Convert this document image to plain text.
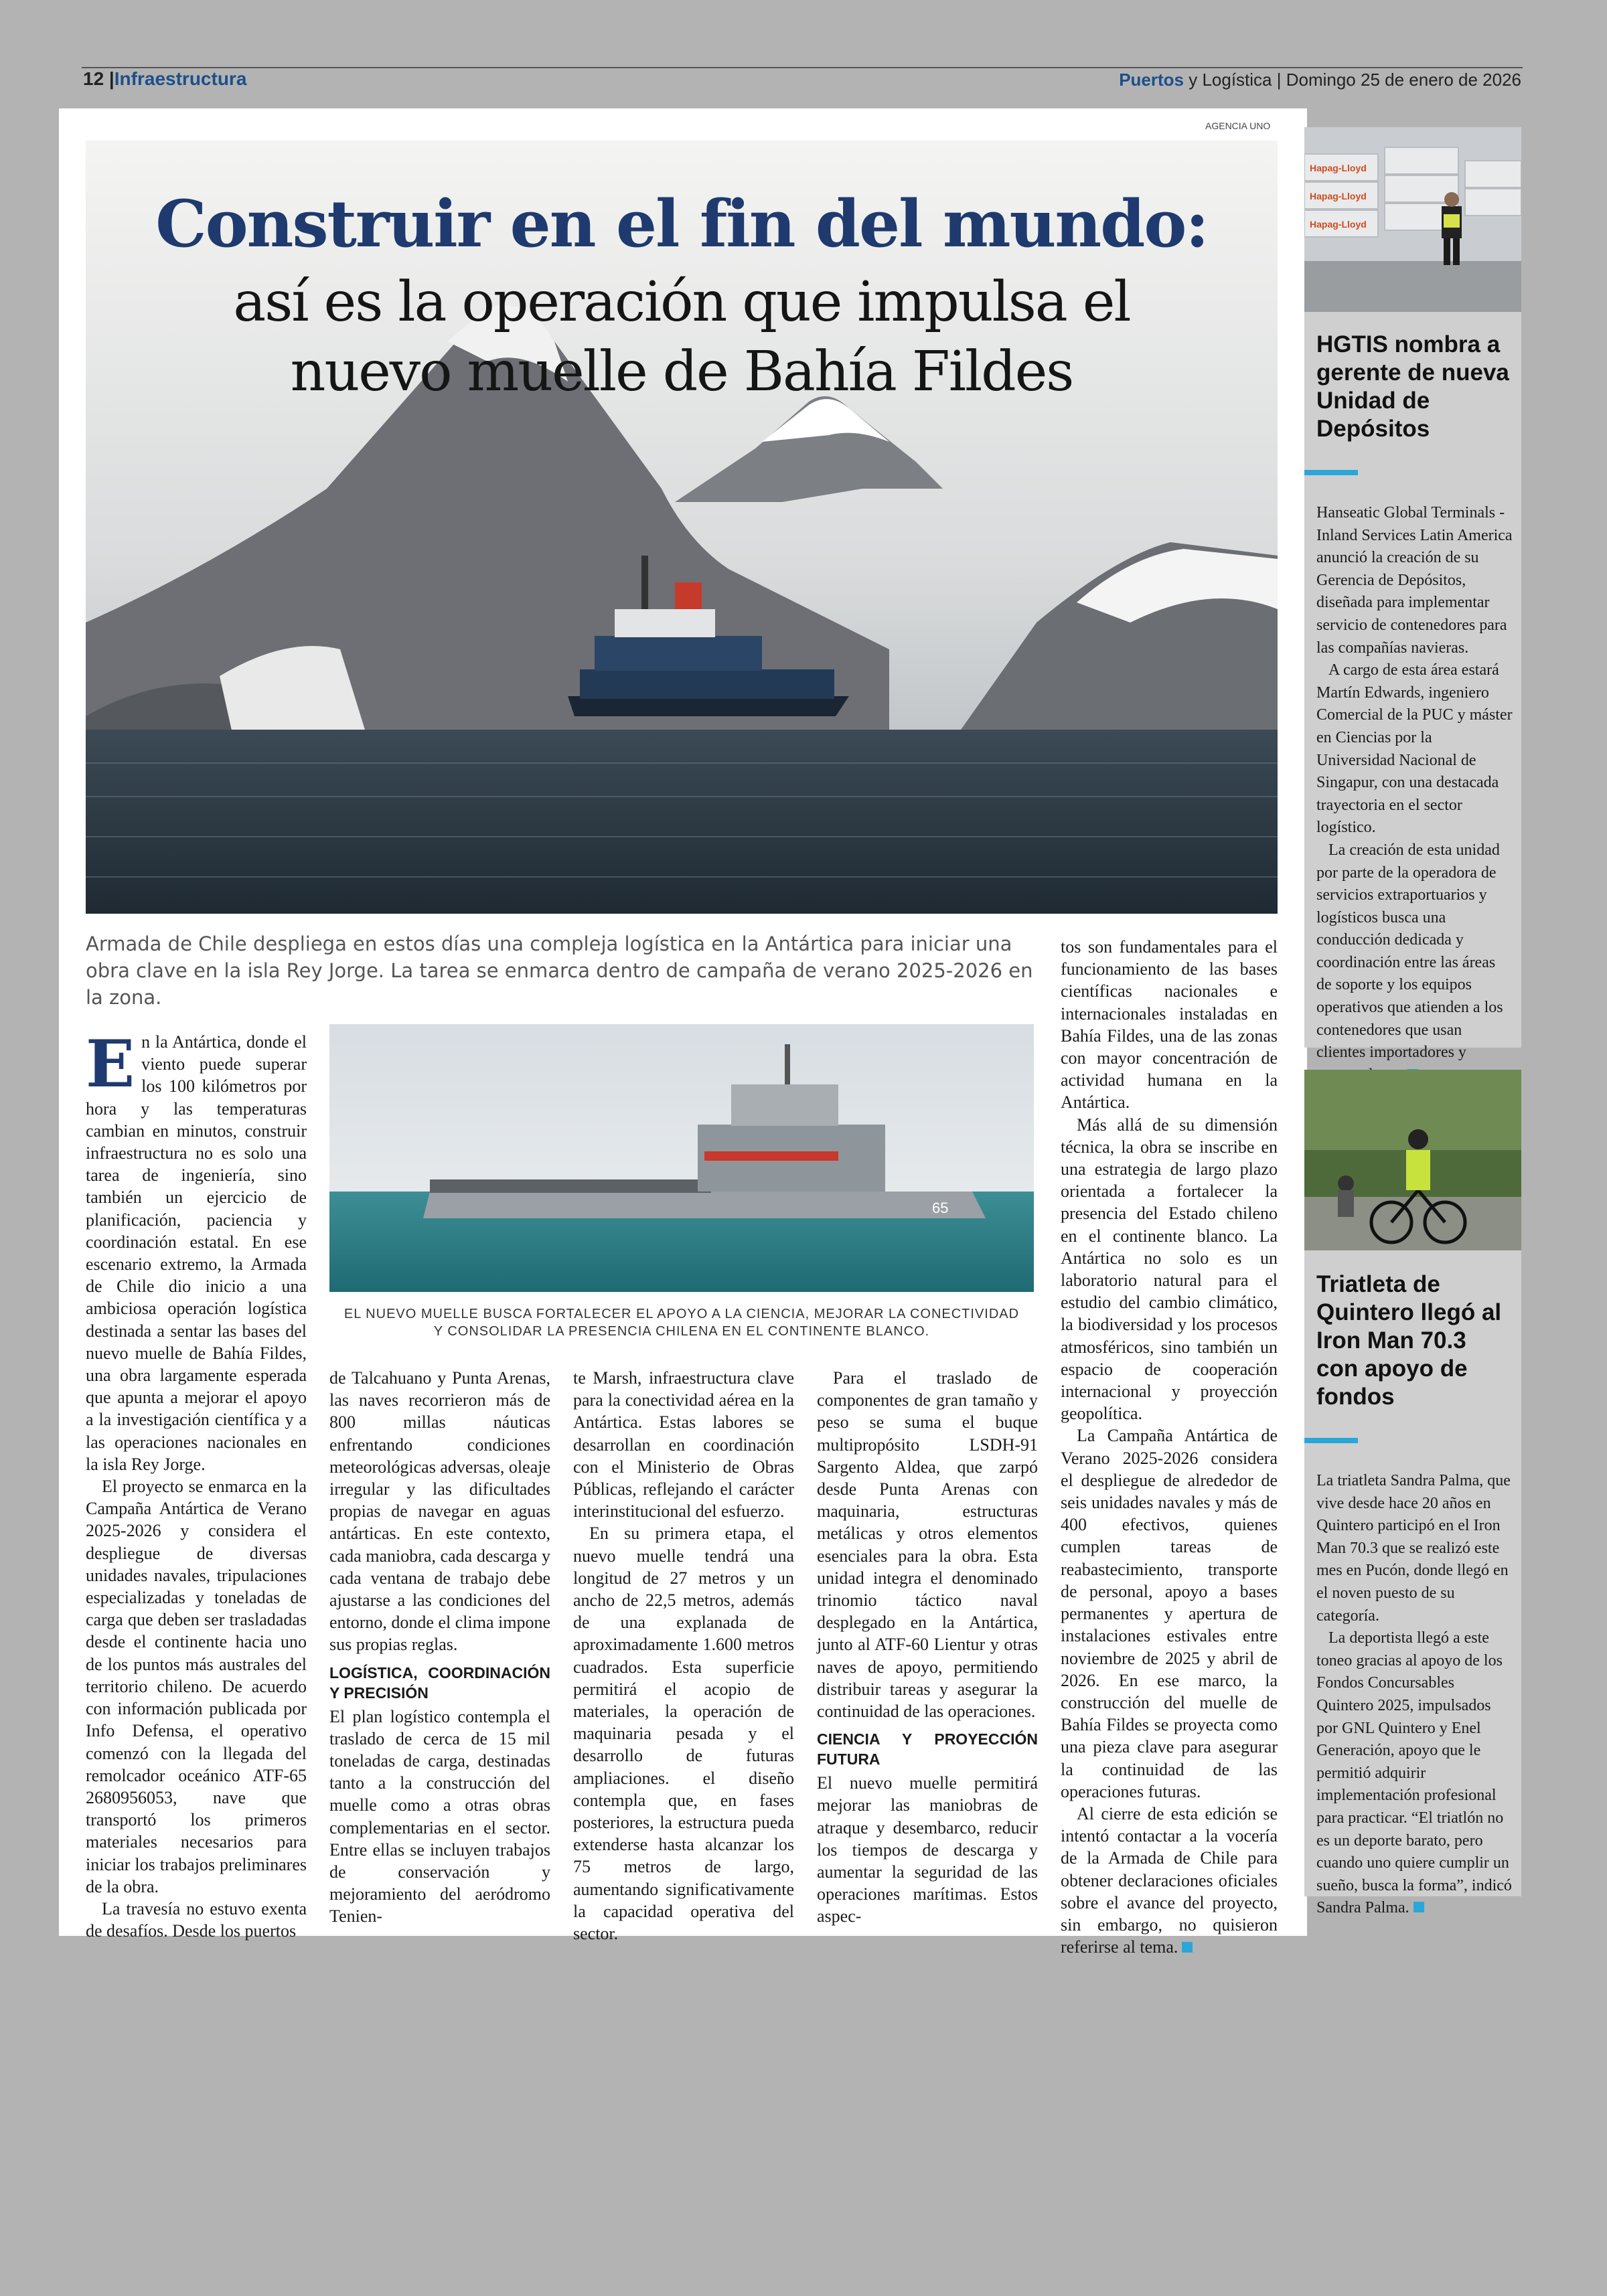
12 |Infraestructura	Puertos y Logística | Domingo 25 de enero de 2026
AGENCIA UNO
Construir en el fin del mundo:
así es la operación que impulsa el
nuevo muelle de Bahía Fildes
Armada de Chile despliega en estos días una compleja logística en la Antártica para iniciar una obra clave en la isla Rey Jorge. La tarea se enmarca dentro de campaña de verano 2025-2026 en la zona.
65
EL NUEVO MUELLE BUSCA FORTALECER EL APOYO A LA CIENCIA, MEJORAR LA CONECTIVIDAD
Y CONSOLIDAR LA PRESENCIA CHILENA EN EL CONTINENTE BLANCO.

En la Antártica, donde el viento puede superar los 100 kilómetros por hora y las temperaturas cambian en minutos, construir infraestructura no es solo una tarea de ingeniería, sino también un ejercicio de planificación, paciencia y coordinación estatal. En ese escenario extremo, la Armada de Chile dio inicio a una ambiciosa operación logística destinada a sentar las bases del nuevo muelle de Bahía Fildes, una obra largamente esperada que apunta a mejorar el apoyo a la investigación científica y a las operaciones nacionales en la isla Rey Jorge.

El proyecto se enmarca en la Campaña Antártica de Verano 2025-2026 y considera el despliegue de diversas unidades navales, tripulaciones especializadas y toneladas de carga que deben ser trasladadas desde el continente hacia uno de los puntos más australes del territorio chileno. De acuerdo con información publicada por Info Defensa, el operativo comenzó con la llegada del remolcador oceánico ATF-65 2680956053, nave que transportó los primeros materiales necesarios para iniciar los trabajos preliminares de la obra.

La travesía no estuvo exenta de desafíos. Desde los puertos

de Talcahuano y Punta Arenas, las naves recorrieron más de 800 millas náuticas enfrentando condiciones meteorológicas adversas, oleaje irregular y las dificultades propias de navegar en aguas antárticas. En este contexto, cada maniobra, cada descarga y cada ventana de trabajo debe ajustarse a las condiciones del entorno, donde el clima impone sus propias reglas.

LOGÍSTICA, COORDINACIÓN Y PRECISIÓN

El plan logístico contempla el traslado de cerca de 15 mil toneladas de carga, destinadas tanto a la construcción del muelle como a otras obras complementarias en el sector. Entre ellas se incluyen trabajos de conservación y mejoramiento del aeródromo Tenien-

te Marsh, infraestructura clave para la conectividad aérea en la Antártica. Estas labores se desarrollan en coordinación con el Ministerio de Obras Públicas, reflejando el carácter interinstitucional del esfuerzo.

En su primera etapa, el nuevo muelle tendrá una longitud de 27 metros y un ancho de 22,5 metros, además de una explanada de aproximadamente 1.600 metros cuadrados. Esta superficie permitirá el acopio de materiales, la operación de maquinaria pesada y el desarrollo de futuras ampliaciones. el diseño contempla que, en fases posteriores, la estructura pueda extenderse hasta alcanzar los 75 metros de largo, aumentando significativamente la capacidad operativa del sector.

Para el traslado de componentes de gran tamaño y peso se suma el buque multipropósito LSDH-91 Sargento Aldea, que zarpó desde Punta Arenas con maquinaria, estructuras metálicas y otros elementos esenciales para la obra. Esta unidad integra el denominado trinomio táctico naval desplegado en la Antártica, junto al ATF-60 Lientur y otras naves de apoyo, permitiendo distribuir tareas y asegurar la continuidad de las operaciones.

CIENCIA Y PROYECCIÓN FUTURA

El nuevo muelle permitirá mejorar las maniobras de atraque y desembarco, reducir los tiempos de descarga y aumentar la seguridad de las operaciones marítimas. Estos aspec-

tos son fundamentales para el funcionamiento de las bases científicas nacionales e internacionales instaladas en Bahía Fildes, una de las zonas con mayor concentración de actividad humana en la Antártica.

Más allá de su dimensión técnica, la obra se inscribe en una estrategia de largo plazo orientada a fortalecer la presencia del Estado chileno en el continente blanco. La Antártica no solo es un laboratorio natural para el estudio del cambio climático, la biodiversidad y los procesos atmosféricos, sino también un espacio de cooperación internacional y proyección geopolítica.

La Campaña Antártica de Verano 2025-2026 considera el despliegue de alrededor de seis unidades navales y más de 400 efectivos, quienes cumplen tareas de reabastecimiento, transporte de personal, apoyo a bases permanentes y apertura de instalaciones estivales entre noviembre de 2025 y abril de 2026. En ese marco, la construcción del muelle de Bahía Fildes se proyecta como una pieza clave para asegurar la continuidad de las operaciones futuras.

Al cierre de esta edición se intentó contactar a la vocería de la Armada de Chile para obtener declaraciones oficiales sobre el avance del proyecto, sin embargo, no quisieron referirse al tema.

Hapag-Lloyd
Hapag-Lloyd
Hapag-Lloyd
HGTIS nombra a gerente de nueva Unidad de Depósitos

Hanseatic Global Terminals - Inland Services Latin America anunció la creación de su Gerencia de Depósitos, diseñada para implementar servicio de contenedores para las compañías navieras.

A cargo de esta área estará Martín Edwards, ingeniero Comercial de la PUC y máster en Ciencias por la Universidad Nacional de Singapur, con una destacada trayectoria en el sector logístico.

La creación de esta unidad por parte de la operadora de servicios extraportuarios y logísticos busca una conducción dedicada y coordinación entre las áreas de soporte y los equipos operativos que atienden a los contenedores que usan clientes importadores y

Triatleta de Quintero llegó al Iron Man 70.3 con apoyo de fondos

La triatleta Sandra Palma, que vive desde hace 20 años en Quintero participó en el Iron Man 70.3 que se realizó este mes en Pucón, donde llegó en el noven puesto de su categoría.

La deportista llegó a este toneo gracias al apoyo de los Fondos Concursables Quintero 2025, impulsados por GNL Quintero y Enel Generación, apoyo que le permitió adquirir implementación profesional para practicar. “El triatlón no es un deporte barato, pero cuando uno quiere cumplir un sueño, busca la forma”, indicó Sandra Palma.
